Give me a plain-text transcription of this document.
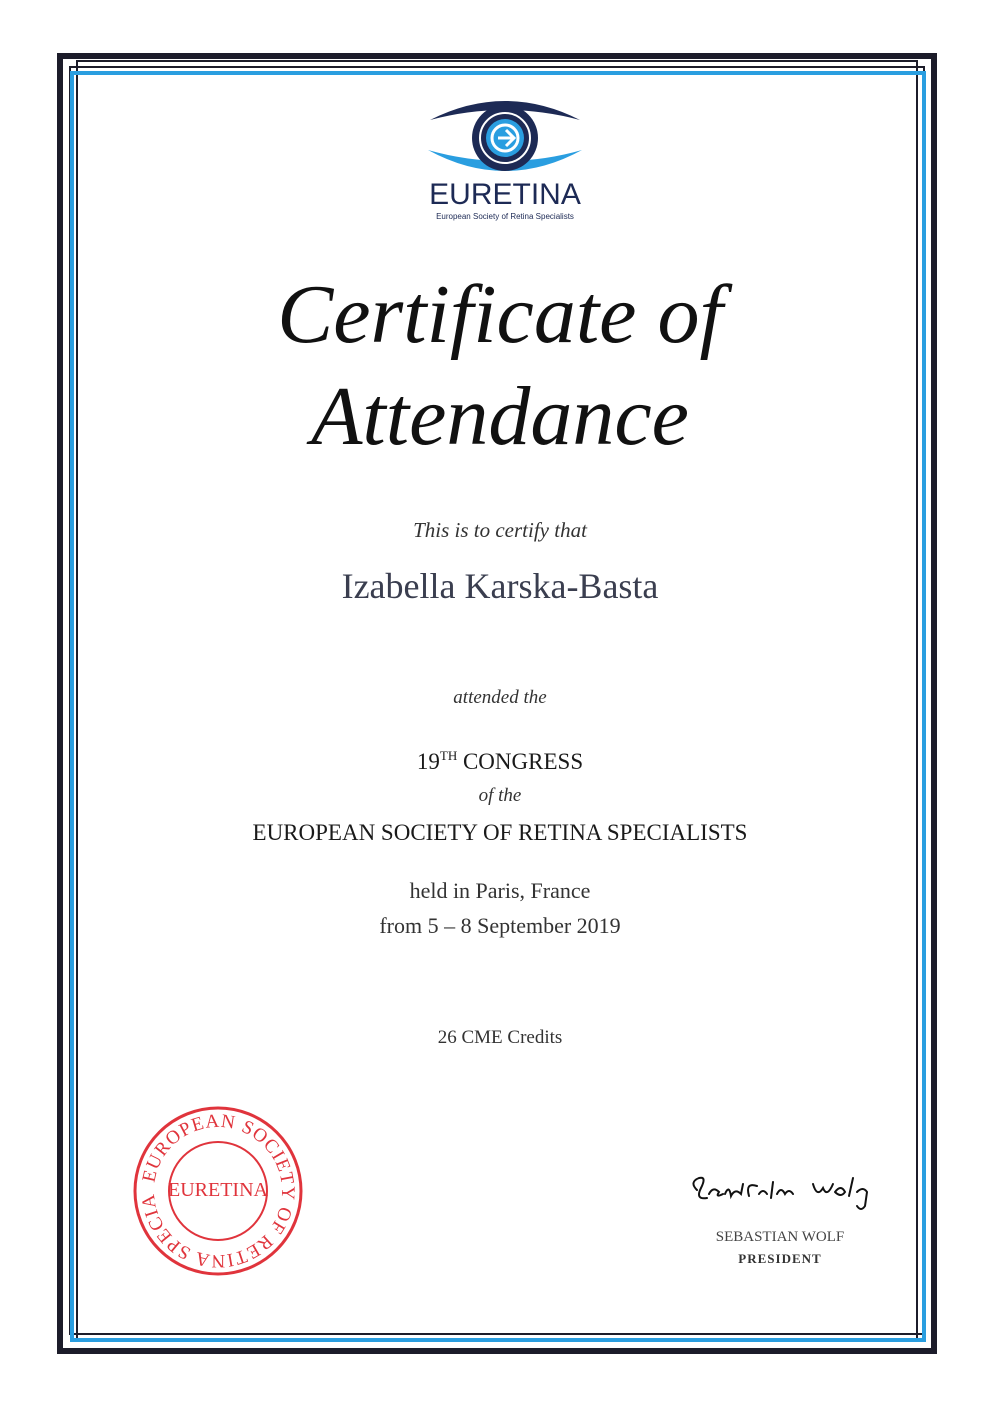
EURETINA
European Society of Retina Specialists
Certificate of
Attendance
This is to certify that
Izabella Karska-Basta
attended the
19TH CONGRESS
of the
EUROPEAN SOCIETY OF RETINA SPECIALISTS
held in Paris, France
from 5 – 8 September 2019
26 CME Credits
EUROPEAN SOCIETY OF RETINA SPECIA
EURETINA
SEBASTIAN WOLF
PRESIDENT
